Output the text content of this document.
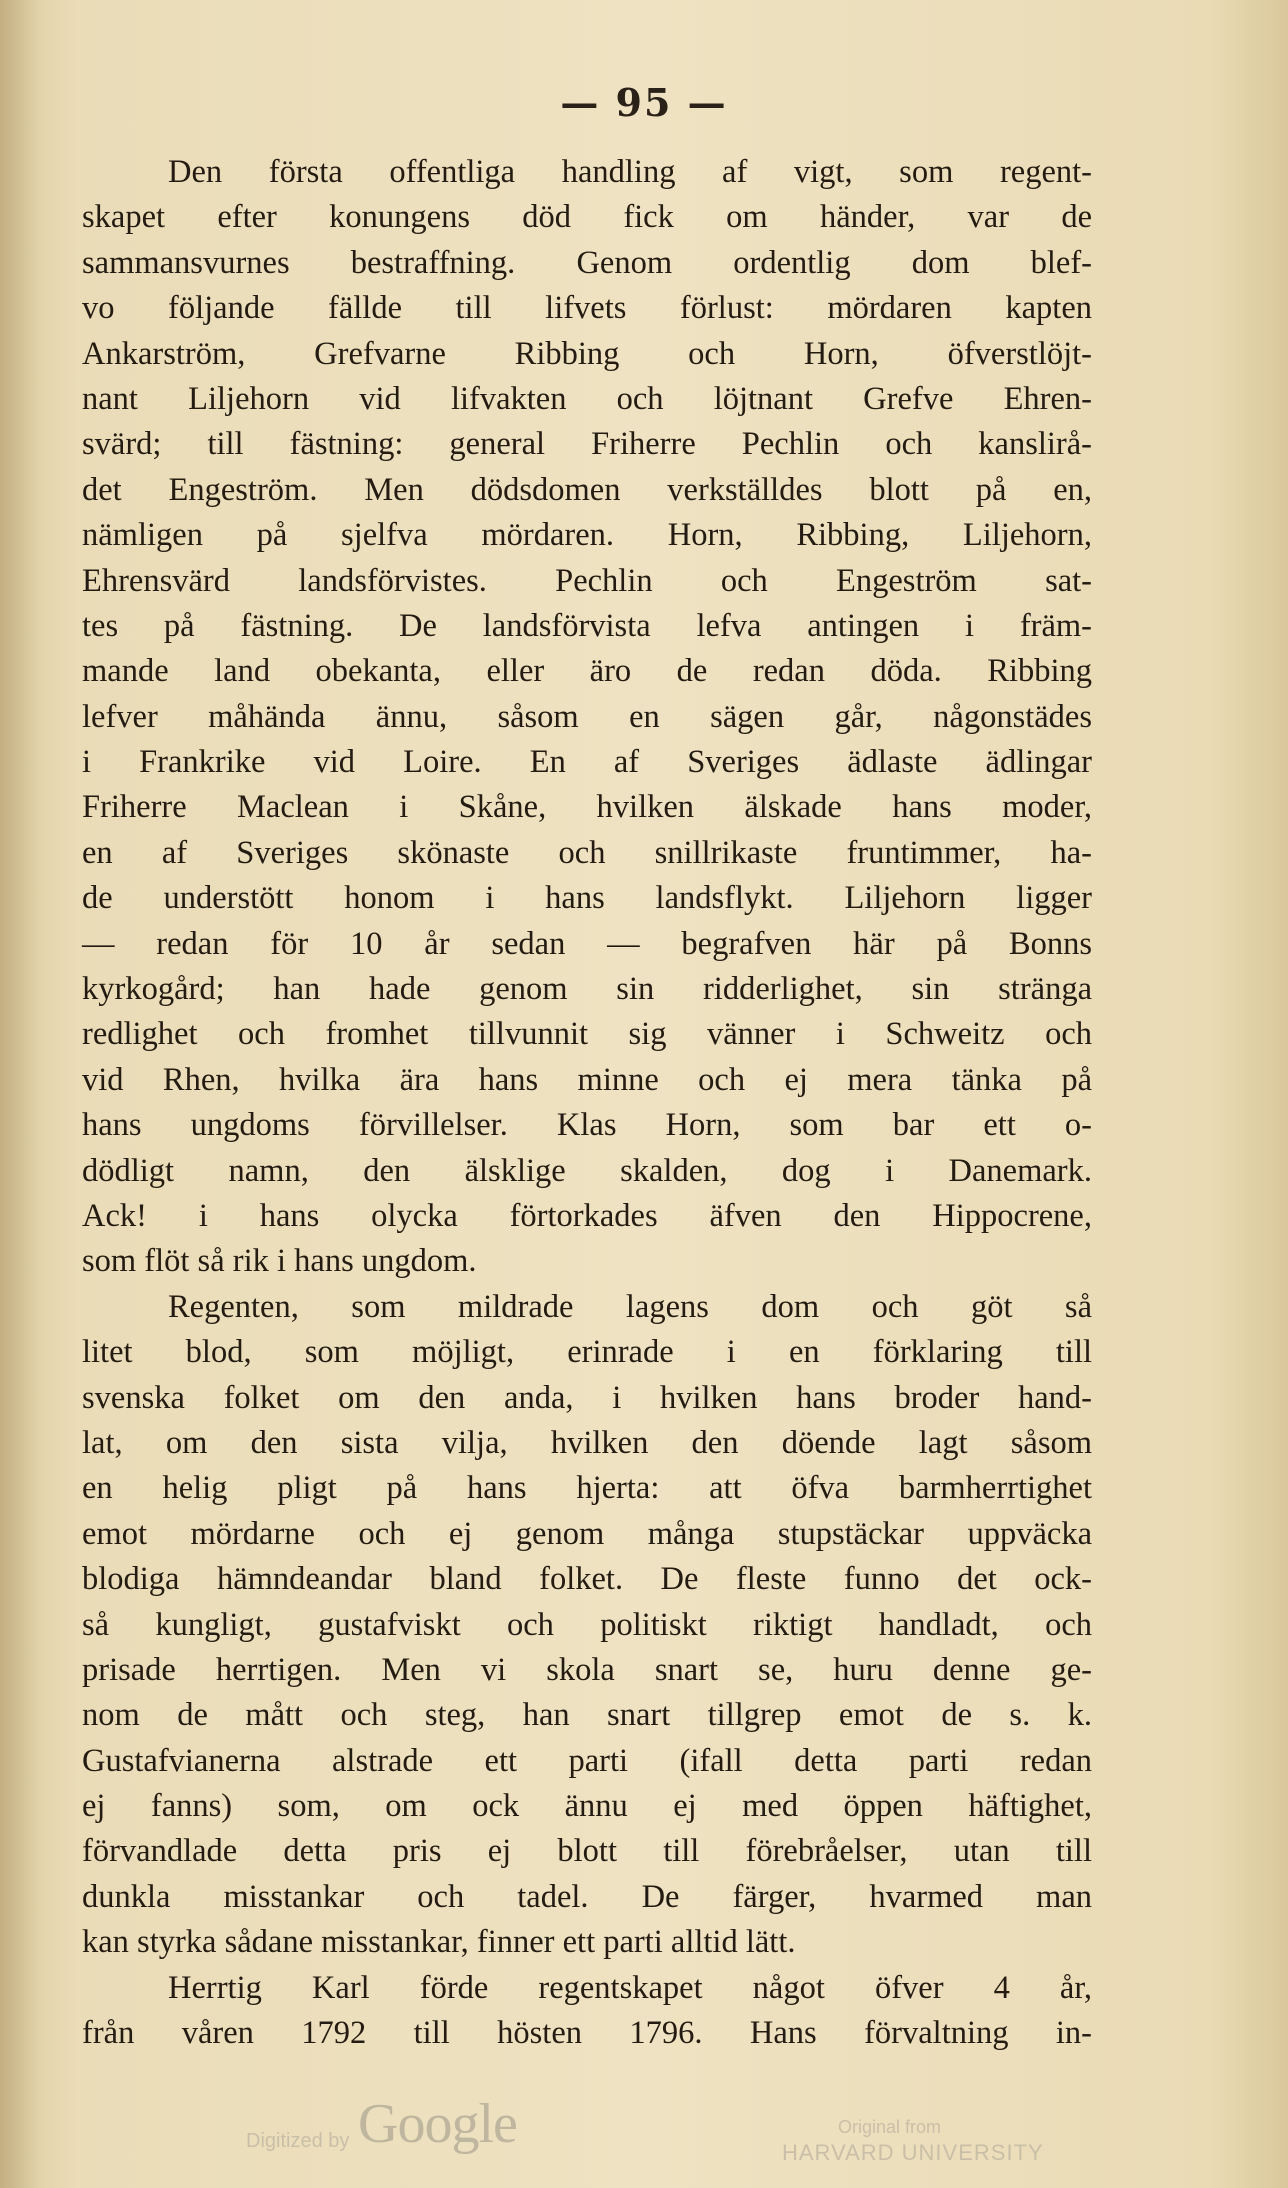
— 95 —
Den första offentliga handling af vigt, som regent-
skapet efter konungens död fick om händer, var de
sammansvurnes bestraffning. Genom ordentlig dom blef-
vo följande fällde till lifvets förlust: mördaren kapten
Ankarström, Grefvarne Ribbing och Horn, öfverstlöjt-
nant Liljehorn vid lifvakten och löjtnant Grefve Ehren-
svärd; till fästning: general Friherre Pechlin och kanslirå-
det Engeström. Men dödsdomen verkställdes blott på en,
nämligen på sjelfva mördaren. Horn, Ribbing, Liljehorn,
Ehrensvärd landsförvistes. Pechlin och Engeström sat-
tes på fästning. De landsförvista lefva antingen i främ-
mande land obekanta, eller äro de redan döda. Ribbing
lefver måhända ännu, såsom en sägen går, någonstädes
i Frankrike vid Loire. En af Sveriges ädlaste ädlingar
Friherre Maclean i Skåne, hvilken älskade hans moder,
en af Sveriges skönaste och snillrikaste fruntimmer, ha-
de understött honom i hans landsflykt. Liljehorn ligger
— redan för 10 år sedan — begrafven här på Bonns
kyrkogård; han hade genom sin ridderlighet, sin stränga
redlighet och fromhet tillvunnit sig vänner i Schweitz och
vid Rhen, hvilka ära hans minne och ej mera tänka på
hans ungdoms förvillelser. Klas Horn, som bar ett o-
dödligt namn, den älsklige skalden, dog i Danemark.
Ack! i hans olycka förtorkades äfven den Hippocrene,
som flöt så rik i hans ungdom.
Regenten, som mildrade lagens dom och göt så
litet blod, som möjligt, erinrade i en förklaring till
svenska folket om den anda, i hvilken hans broder hand-
lat, om den sista vilja, hvilken den döende lagt såsom
en helig pligt på hans hjerta: att öfva barmherrtighet
emot mördarne och ej genom många stupstäckar uppväcka
blodiga hämndeandar bland folket. De fleste funno det ock-
så kungligt, gustafviskt och politiskt riktigt handladt, och
prisade herrtigen. Men vi skola snart se, huru denne ge-
nom de mått och steg, han snart tillgrep emot de s. k.
Gustafvianerna alstrade ett parti (ifall detta parti redan
ej fanns) som, om ock ännu ej med öppen häftighet,
förvandlade detta pris ej blott till förebråelser, utan till
dunkla misstankar och tadel. De färger, hvarmed man
kan styrka sådane misstankar, finner ett parti alltid lätt.
Herrtig Karl förde regentskapet något öfver 4 år,
från våren 1792 till hösten 1796. Hans förvaltning in-
Digitized by Google	Original from
HARVARD UNIVERSITY
